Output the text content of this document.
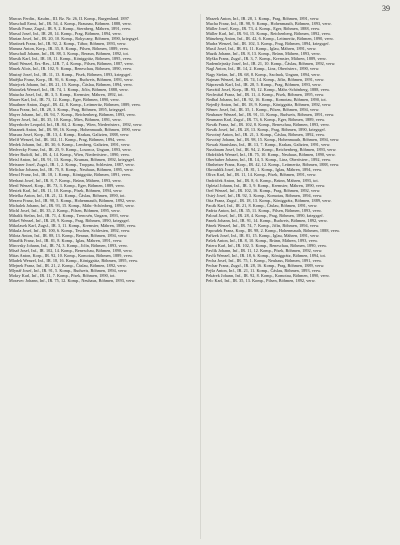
39

Marcus Ferdin., Kaufm., III. Bz. Nr. 26, II. Komp., Burgenland. 1897

Marschall Ernst, Inf., IR. 54, 4. Komp., Braunau, Böhmen. 1888, verw.

Marsik Franz, Zugsf., IR. 9, 2. Komp., Sternberg, Mähren, 1891, verw.

Marsal Josef, Inf., IR. 28, 14. Komp., Prag, Böhmen, 1894, verw.

Marian Josef, Inf., IR. 20, 10. Komp., Rokycany, Böhmen, 1890, kriegsgef.

Martinek Franz, Inf., IR. 92, 2. Komp., Tábor, Böhmen, 1893, verw.

Maruna Anton, Korp., IR. 35, 8. Komp., Pilsen, Böhmen, 1889, verw.

Marschall Johann, Inf., IR. 88, 3. Komp., Beraun, Böhmen, 1892, tot.

Marsik Karl, Inf., IR. 18, 11. Komp., Königgrätz, Böhmen, 1895, verw.

Martl Wenzel, Ers.-Res., LIR. 7, 4. Komp., Pilsen, Böhmen, 1887, verw.

Masek Alois, Inf., IR. 102, 9. Komp., Beneschau, Böhmen, 1890, verw.

Mastný Josef, Inf., IR. 11, 13. Komp., Písek, Böhmen, 1893, kriegsgef.

Matějka Franz, Korp., IR. 91, 6. Komp., Budweis, Böhmen, 1891, verw.

Matejcek Johann, Inf., IR. 21, 15. Komp., Čáslau, Böhmen, 1894, verw.

Matoušek Wenzel, Inf., IR. 74, 1. Komp., Jičín, Böhmen, 1888, verw.

Matucha Josef, Inf., IR. 3, 5. Komp., Kremsier, Mähren, 1892, tot.

Mauer Karl, Inf., IR. 73, 12. Komp., Eger, Böhmen, 1890, verw.

Mauthner Anton, Zugsf., IR. 42, 8. Komp., Leitmeritz, Böhmen, 1889, verw.

Maxa Franz, Inf., IR. 28, 3. Komp., Prag, Böhmen, 1895, kriegsgef.

Mayer Johann, Inf., IR. 94, 7. Komp., Reichenberg, Böhmen, 1893, verw.

Mayer Josef, Inf., IR. 35, 10. Komp., Mies, Böhmen, 1891, verw.

Mayerhofer Leopold, Inf., IR. 84, 2. Komp., Wien, Niederösterr., 1892, verw.

Mazanek Anton, Inf., IR. 98, 16. Komp., Hohenmauth, Böhmen, 1890, verw.

Mazura Josef, Korp., IR. 13, 4. Komp., Krakau, Galizien, 1888, verw.

Mečíř Wenzel, Inf., IR. 102, 11. Komp., Prag, Böhmen, 1894, verw.

Medek Johann, Inf., IR. 30, 6. Komp., Lemberg, Galizien, 1891, verw.

Medvecky Franz, Inf., IR. 25, 9. Komp., Losoncz, Ungarn, 1893, verw.

Meier Rudolf, Inf., IR. 4, 14. Komp., Wien, Niederösterr., 1890, verw.

Meisl Anton, Inf., IR. 91, 13. Komp., Krumau, Böhmen, 1892, kriegsgef.

Meissner Josef, Zugsf., IR. 1, 2. Komp., Troppau, Schlesien, 1887, verw.

Melichar Johann, Inf., IR. 75, 8. Komp., Neuhaus, Böhmen, 1895, verw.

Mencl Franz, Inf., IR. 18, 1. Komp., Königgrätz, Böhmen, 1891, verw.

Merhaut Josef, Inf., IR. 8, 7. Komp., Brünn, Mähren, 1893, verw.

Mertl Wenzel, Korp., IR. 73, 3. Komp., Eger, Böhmen, 1889, verw.

Mestek Karl, Inf., IR. 11, 10. Komp., Písek, Böhmen, 1894, verw.

Metelka Anton, Inf., IR. 21, 12. Komp., Čáslau, Böhmen, 1890, tot.

Mezera Franz, Inf., IR. 98, 5. Komp., Hohenmauth, Böhmen, 1892, verw.

Michalek Johann, Inf., IR. 93, 15. Komp., Mähr.-Schönberg, 1891, verw.

Michl Josef, Inf., IR. 35, 2. Komp., Pilsen, Böhmen, 1895, verw.

Mihalik Stefan, Inf., IR. 71, 4. Komp., Trencsén, Ungarn, 1893, verw.

Mikeš Wenzel, Inf., IR. 28, 9. Komp., Prag, Böhmen, 1890, kriegsgef.

Mikolasek Karl, Zugsf., IR. 3, 11. Komp., Kremsier, Mähren, 1888, verw.

Mikula Josef, Inf., IR. 100, 6. Komp., Teschen, Schlesien, 1892, verw.

Milota Anton, Inf., IR. 88, 13. Komp., Beraun, Böhmen, 1894, verw.

Minařík Franz, Inf., IR. 81, 8. Komp., Iglau, Mähren, 1891, verw.

Mirovsky Johann, Inf., IR. 74, 3. Komp., Jičín, Böhmen, 1893, verw.

Mísař Josef, Inf., IR. 102, 14. Komp., Beneschau, Böhmen, 1890, verw.

Mitas Anton, Korp., IR. 92, 10. Komp., Komotau, Böhmen, 1889, verw.

Mladek Wenzel, Inf., IR. 18, 16. Komp., Königgrätz, Böhmen, 1895, verw.

Mlejnek Franz, Inf., IR. 21, 2. Komp., Čáslau, Böhmen, 1892, verw.

Mlynář Josef, Inf., IR. 91, 5. Komp., Budweis, Böhmen, 1894, verw.

Mokry Karl, Inf., IR. 11, 7. Komp., Písek, Böhmen, 1890, tot.

Moravec Johann, Inf., IR. 75, 12. Komp., Neuhaus, Böhmen, 1893, verw.

Mrazek Anton, Inf., IR. 28, 1. Komp., Prag, Böhmen, 1891, verw.

Mucha Franz, Inf., IR. 98, 9. Komp., Hohenmauth, Böhmen, 1893, verw.

Müller Josef, Korp., IR. 73, 4. Komp., Eger, Böhmen, 1888, verw.

Müller Karl, Inf., IR. 94, 15. Komp., Reichenberg, Böhmen, 1892, verw.

Münzberg Anton, Inf., IR. 42, 6. Komp., Leitmeritz, Böhmen, 1890, verw.

Mudra Wenzel, Inf., IR. 102, 3. Komp., Prag, Böhmen, 1894, kriegsgef.

Musil Josef, Inf., IR. 81, 11. Komp., Iglau, Mähren, 1891, verw.

Muzik Johann, Inf., IR. 8, 13. Komp., Brünn, Mähren, 1893, verw.

Myška Franz, Zugsf., IR. 3, 7. Komp., Kremsier, Mähren, 1889, verw.

Nademlejnsky Josef, Inf., IR. 21, 10. Komp., Čáslau, Böhmen, 1892, verw.

Nagl Anton, Inf., IR. 14, 2. Komp., Linz, Oberösterr., 1890, verw.

Nagy Stefan, Inf., IR. 68, 8. Komp., Szolnok, Ungarn, 1894, verw.

Najman Wenzel, Inf., IR. 74, 14. Komp., Jičín, Böhmen, 1891, verw.

Nápravník Karl, Inf., IR. 28, 5. Komp., Prag, Böhmen, 1893, verw.

Navrátil Josef, Korp., IR. 93, 12. Komp., Mähr.-Schönberg, 1888, verw.

Nechvátal Franz, Inf., IR. 11, 4. Komp., Písek, Böhmen, 1895, verw.

Nedbal Johann, Inf., IR. 92, 16. Komp., Komotau, Böhmen, 1890, tot.

Nejedlý Anton, Inf., IR. 18, 9. Komp., Königgrätz, Böhmen, 1892, verw.

Němec Josef, Inf., IR. 35, 1. Komp., Pilsen, Böhmen, 1894, verw.

Neubauer Wenzel, Inf., IR. 91, 11. Komp., Budweis, Böhmen, 1891, verw.

Neumann Karl, Zugsf., IR. 73, 6. Komp., Eger, Böhmen, 1889, verw.

Novák Franz, Inf., IR. 102, 8. Komp., Beneschau, Böhmen, 1893, verw.

Novák Josef, Inf., IR. 28, 13. Komp., Prag, Böhmen, 1890, kriegsgef.

Novotný Anton, Inf., IR. 21, 3. Komp., Čáslau, Böhmen, 1892, verw.

Novotný Johann, Inf., IR. 98, 15. Komp., Hohenmauth, Böhmen, 1894, verw.

Nowak Stanislaus, Inf., IR. 13, 7. Komp., Krakau, Galizien, 1891, verw.

Nussbaum Josef, Inf., IR. 94, 2. Komp., Reichenberg, Böhmen, 1893, verw.

Obdržálek Wenzel, Inf., IR. 75, 10. Komp., Neuhaus, Böhmen, 1890, verw.

Oberhuber Johann, Inf., IR. 14, 5. Komp., Linz, Oberösterr., 1892, verw.

Ohnheiser Franz, Korp., IR. 42, 12. Komp., Leitmeritz, Böhmen, 1888, verw.

Okrouhlík Josef, Inf., IR. 81, 1. Komp., Iglau, Mähren, 1894, verw.

Oliva Karl, Inf., IR. 11, 14. Komp., Písek, Böhmen, 1891, verw.

Ondráček Anton, Inf., IR. 8, 6. Komp., Brünn, Mähren, 1893, tot.

Opletal Johann, Inf., IR. 3, 9. Komp., Kremsier, Mähren, 1890, verw.

Orel Wenzel, Inf., IR. 102, 16. Komp., Prag, Böhmen, 1892, verw.

Ostrý Josef, Inf., IR. 92, 3. Komp., Komotau, Böhmen, 1894, verw.

Otta Franz, Zugsf., IR. 18, 13. Komp., Königgrätz, Böhmen, 1889, verw.

Pacák Karl, Inf., IR. 21, 8. Komp., Čáslau, Böhmen, 1891, verw.

Padrta Anton, Inf., IR. 35, 11. Komp., Pilsen, Böhmen, 1893, verw.

Palouš Josef, Inf., IR. 28, 4. Komp., Prag, Böhmen, 1890, kriegsgef.

Panek Johann, Inf., IR. 91, 14. Komp., Budweis, Böhmen, 1892, verw.

Pánek Wenzel, Inf., IR. 74, 7. Komp., Jičín, Böhmen, 1894, verw.

Papoušek Franz, Korp., IR. 98, 2. Komp., Hohenmauth, Böhmen, 1888, verw.

Pařízek Josef, Inf., IR. 81, 15. Komp., Iglau, Mähren, 1891, verw.

Pašek Anton, Inf., IR. 8, 10. Komp., Brünn, Mähren, 1893, verw.

Patera Karl, Inf., IR. 102, 5. Komp., Beneschau, Böhmen, 1890, verw.

Pavlík Johann, Inf., IR. 11, 12. Komp., Písek, Böhmen, 1892, verw.

Pavlů Wenzel, Inf., IR. 18, 6. Komp., Königgrätz, Böhmen, 1894, tot.

Pecha Josef, Inf., IR. 75, 1. Komp., Neuhaus, Böhmen, 1891, verw.

Pechar Franz, Zugsf., IR. 28, 16. Komp., Prag, Böhmen, 1889, verw.

Pejša Anton, Inf., IR. 21, 11. Komp., Čáslau, Böhmen, 1893, verw.

Pekárek Johann, Inf., IR. 92, 8. Komp., Komotau, Böhmen, 1890, verw.

Pelc Karl, Inf., IR. 35, 13. Komp., Pilsen, Böhmen, 1892, verw.
